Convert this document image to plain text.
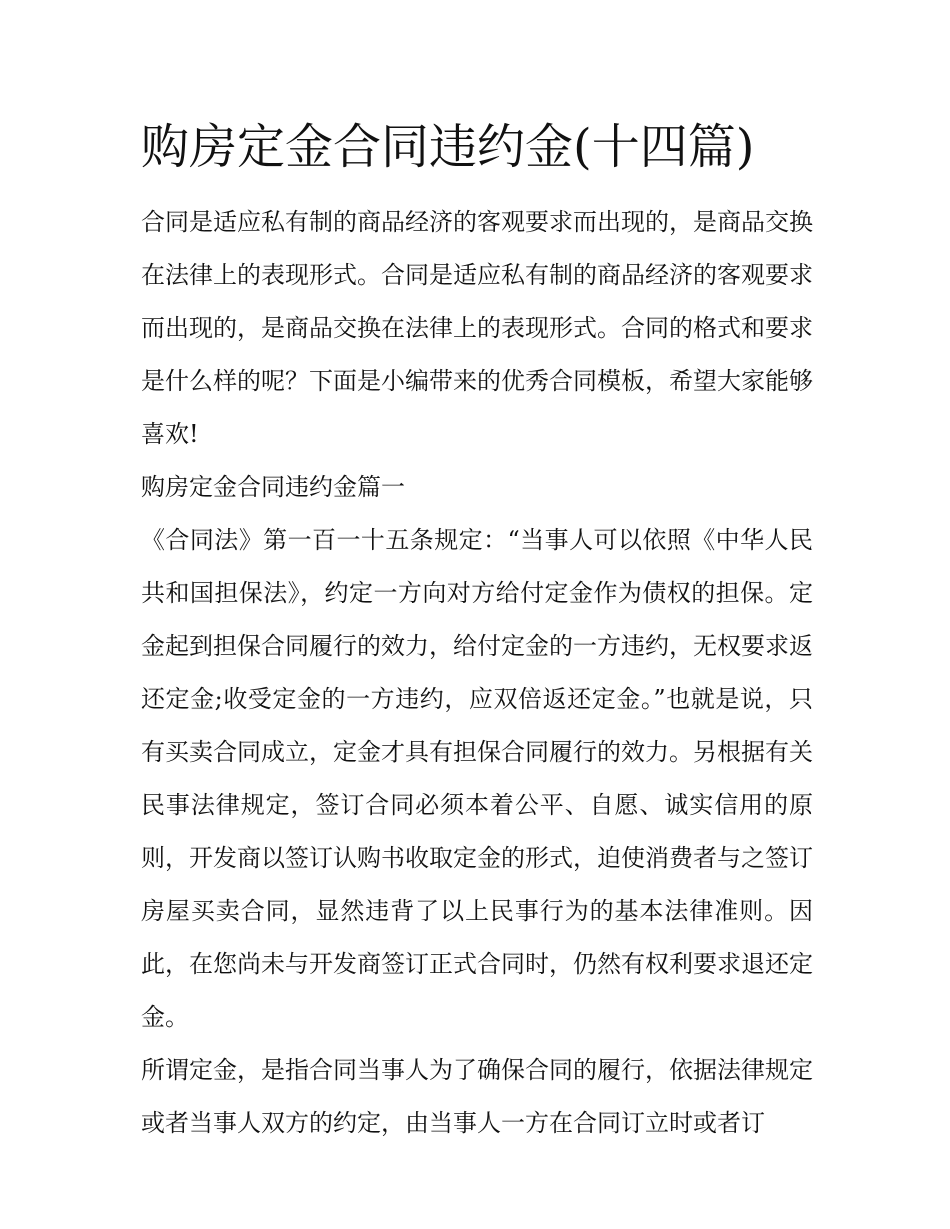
购房定金合同违约金(十四篇)

合同是适应私有制的商品经济的客观要求而出现的，是商品交换在法律上的表现形式。合同是适应私有制的商品经济的客观要求而出现的，是商品交换在法律上的表现形式。合同的格式和要求是什么样的呢？下面是小编带来的优秀合同模板，希望大家能够喜欢!

购房定金合同违约金篇一

《合同法》第一百一十五条规定：“当事人可以依照《中华人民共和国担保法》，约定一方向对方给付定金作为债权的担保。定金起到担保合同履行的效力，给付定金的一方违约，无权要求返还定金;收受定金的一方违约，应双倍返还定金。”也就是说，只有买卖合同成立，定金才具有担保合同履行的效力。另根据有关民事法律规定，签订合同必须本着公平、自愿、诚实信用的原则，开发商以签订认购书收取定金的形式，迫使消费者与之签订房屋买卖合同，显然违背了以上民事行为的基本法律准则。因此，在您尚未与开发商签订正式合同时，仍然有权利要求退还定金。

所谓定金，是指合同当事人为了确保合同的履行，依据法律规定或者当事人双方的约定，由当事人一方在合同订立时或者订
